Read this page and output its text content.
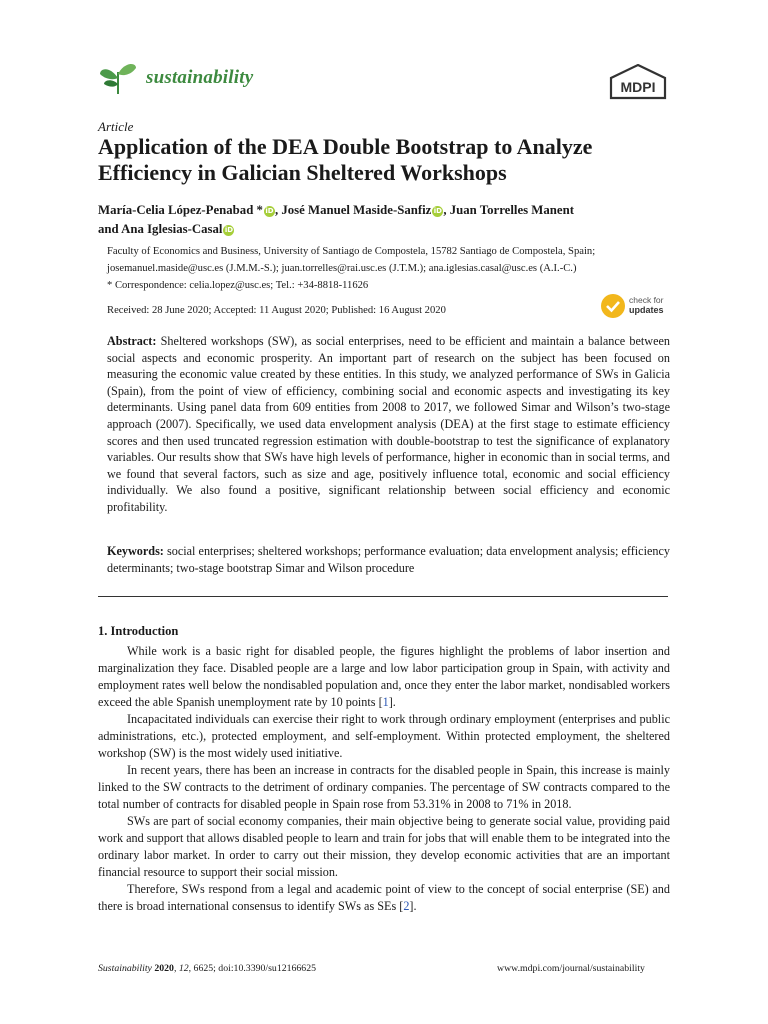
sustainability	MDPI
Article
Application of the DEA Double Bootstrap to Analyze Efficiency in Galician Sheltered Workshops
María-Celia López-Penabad * iD, José Manuel Maside-Sanfiz iD, Juan Torrelles Manent
and Ana Iglesias-Casal iD
Faculty of Economics and Business, University of Santiago de Compostela, 15782 Santiago de Compostela, Spain;
josemanuel.maside@usc.es (J.M.M.-S.); juan.torrelles@rai.usc.es (J.T.M.); ana.iglesias.casal@usc.es (A.I.-C.)
* Correspondence: celia.lopez@usc.es; Tel.: +34-8818-11626
Received: 28 June 2020; Accepted: 11 August 2020; Published: 16 August 2020
check for
updates
Abstract: Sheltered workshops (SW), as social enterprises, need to be efficient and maintain a balance between social aspects and economic prosperity. An important part of research on the subject has been focused on measuring the economic value created by these entities. In this study, we analyzed performance of SWs in Galicia (Spain), from the point of view of efficiency, combining social and economic aspects and investigating its key determinants. Using panel data from 609 entities from 2008 to 2017, we followed Simar and Wilson’s two-stage approach (2007). Specifically, we used data envelopment analysis (DEA) at the first stage to estimate efficiency scores and then used truncated regression estimation with double-bootstrap to test the significance of explanatory variables. Our results show that SWs have high levels of performance, higher in economic than in social terms, and we found that several factors, such as size and age, positively influence total, economic and social efficiency individually. We also found a positive, significant relationship between social efficiency and economic profitability.
Keywords: social enterprises; sheltered workshops; performance evaluation; data envelopment analysis; efficiency determinants; two-stage bootstrap Simar and Wilson procedure
1. Introduction

While work is a basic right for disabled people, the figures highlight the problems of labor insertion and marginalization they face. Disabled people are a large and low labor participation group in Spain, with activity and employment rates well below the nondisabled population and, once they enter the labor market, nondisabled workers exceed the able Spanish unemployment rate by 10 points [1].

Incapacitated individuals can exercise their right to work through ordinary employment (enterprises and public administrations, etc.), protected employment, and self-employment. Within protected employment, the sheltered workshop (SW) is the most widely used initiative.

In recent years, there has been an increase in contracts for the disabled people in Spain, this increase is mainly linked to the SW contracts to the detriment of ordinary companies. The percentage of SW contracts compared to the total number of contracts for disabled people in Spain rose from 53.31% in 2008 to 71% in 2018.

SWs are part of social economy companies, their main objective being to generate social value, providing paid work and support that allows disabled people to learn and train for jobs that will enable them to be integrated into the ordinary labor market. In order to carry out their mission, they develop economic activities that are an important financial resource to support their social mission.

Therefore, SWs respond from a legal and academic point of view to the concept of social enterprise (SE) and there is broad international consensus to identify SWs as SEs [2].

Sustainability 2020, 12, 6625; doi:10.3390/su12166625	www.mdpi.com/journal/sustainability
